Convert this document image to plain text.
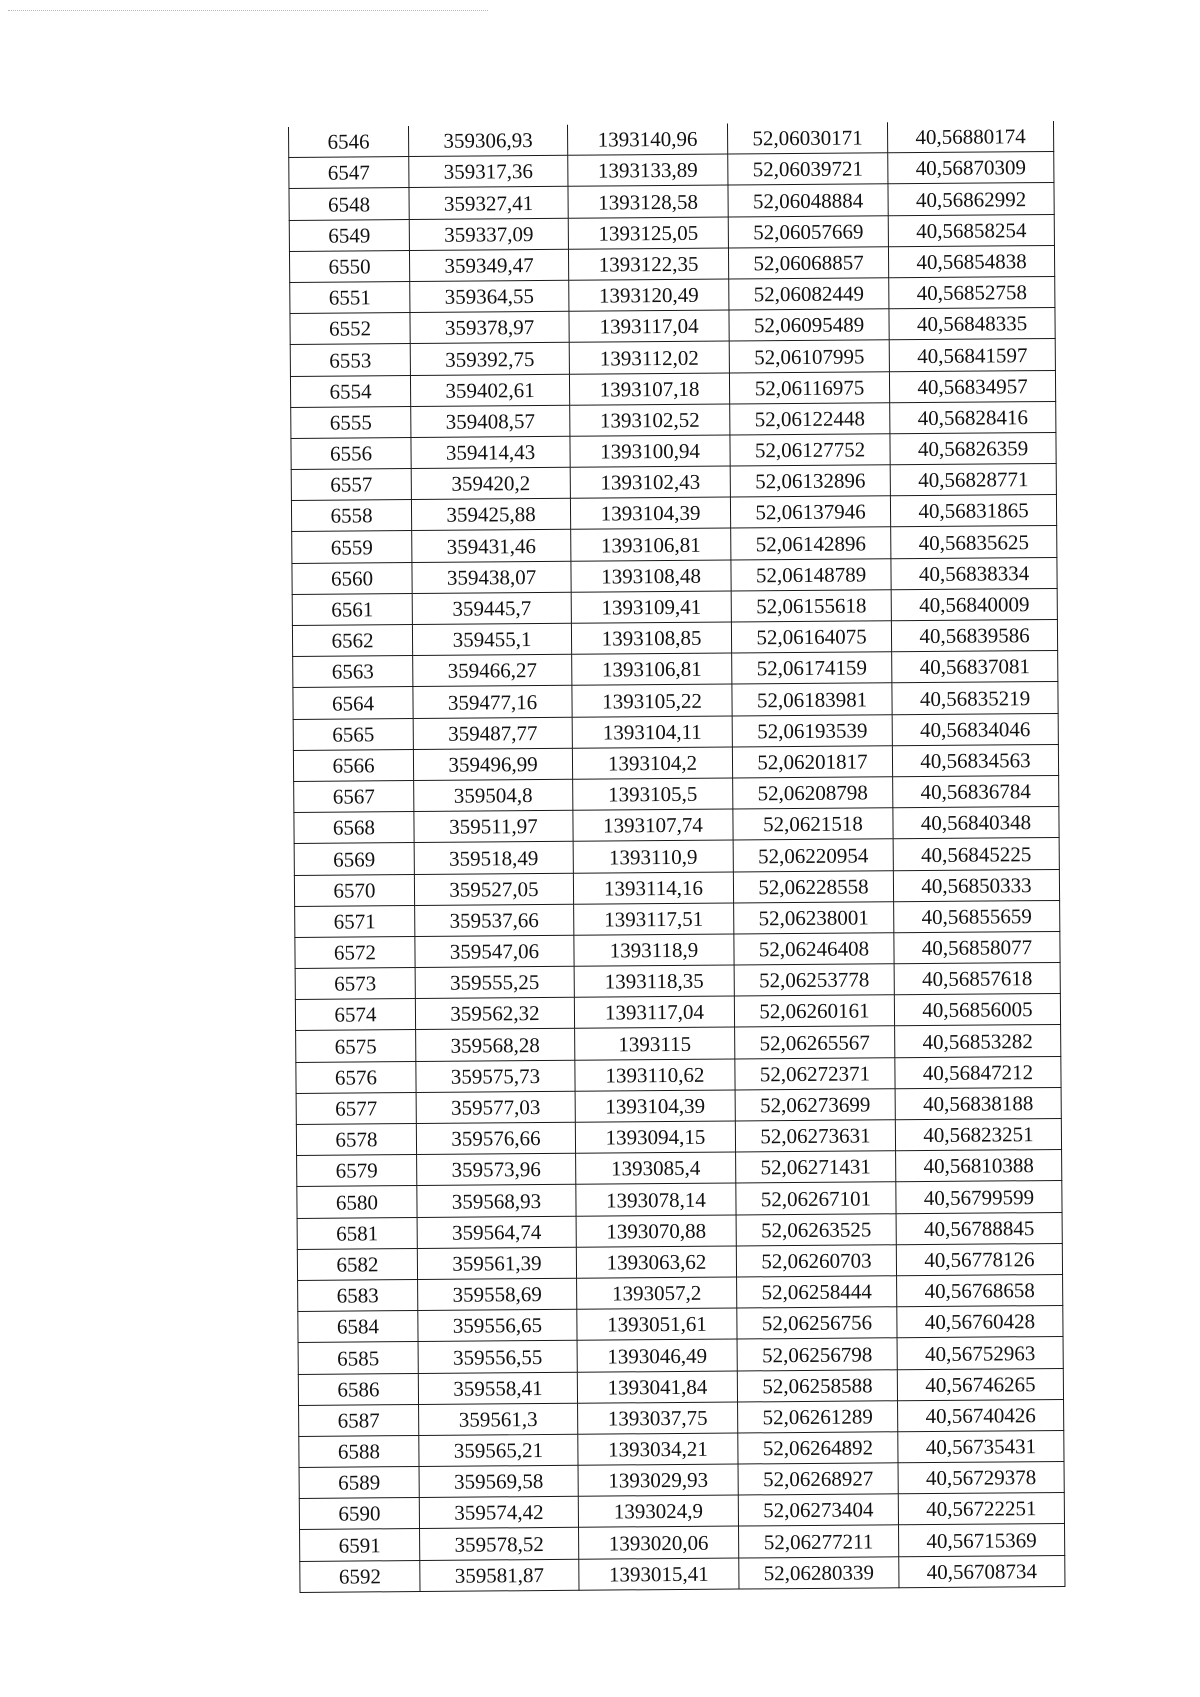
6546	359306,93	1393140,96	52,06030171	40,56880174
6547	359317,36	1393133,89	52,06039721	40,56870309
6548	359327,41	1393128,58	52,06048884	40,56862992
6549	359337,09	1393125,05	52,06057669	40,56858254
6550	359349,47	1393122,35	52,06068857	40,56854838
6551	359364,55	1393120,49	52,06082449	40,56852758
6552	359378,97	1393117,04	52,06095489	40,56848335
6553	359392,75	1393112,02	52,06107995	40,56841597
6554	359402,61	1393107,18	52,06116975	40,56834957
6555	359408,57	1393102,52	52,06122448	40,56828416
6556	359414,43	1393100,94	52,06127752	40,56826359
6557	359420,2	1393102,43	52,06132896	40,56828771
6558	359425,88	1393104,39	52,06137946	40,56831865
6559	359431,46	1393106,81	52,06142896	40,56835625
6560	359438,07	1393108,48	52,06148789	40,56838334
6561	359445,7	1393109,41	52,06155618	40,56840009
6562	359455,1	1393108,85	52,06164075	40,56839586
6563	359466,27	1393106,81	52,06174159	40,56837081
6564	359477,16	1393105,22	52,06183981	40,56835219
6565	359487,77	1393104,11	52,06193539	40,56834046
6566	359496,99	1393104,2	52,06201817	40,56834563
6567	359504,8	1393105,5	52,06208798	40,56836784
6568	359511,97	1393107,74	52,0621518	40,56840348
6569	359518,49	1393110,9	52,06220954	40,56845225
6570	359527,05	1393114,16	52,06228558	40,56850333
6571	359537,66	1393117,51	52,06238001	40,56855659
6572	359547,06	1393118,9	52,06246408	40,56858077
6573	359555,25	1393118,35	52,06253778	40,56857618
6574	359562,32	1393117,04	52,06260161	40,56856005
6575	359568,28	1393115	52,06265567	40,56853282
6576	359575,73	1393110,62	52,06272371	40,56847212
6577	359577,03	1393104,39	52,06273699	40,56838188
6578	359576,66	1393094,15	52,06273631	40,56823251
6579	359573,96	1393085,4	52,06271431	40,56810388
6580	359568,93	1393078,14	52,06267101	40,56799599
6581	359564,74	1393070,88	52,06263525	40,56788845
6582	359561,39	1393063,62	52,06260703	40,56778126
6583	359558,69	1393057,2	52,06258444	40,56768658
6584	359556,65	1393051,61	52,06256756	40,56760428
6585	359556,55	1393046,49	52,06256798	40,56752963
6586	359558,41	1393041,84	52,06258588	40,56746265
6587	359561,3	1393037,75	52,06261289	40,56740426
6588	359565,21	1393034,21	52,06264892	40,56735431
6589	359569,58	1393029,93	52,06268927	40,56729378
6590	359574,42	1393024,9	52,06273404	40,56722251
6591	359578,52	1393020,06	52,06277211	40,56715369
6592	359581,87	1393015,41	52,06280339	40,56708734
